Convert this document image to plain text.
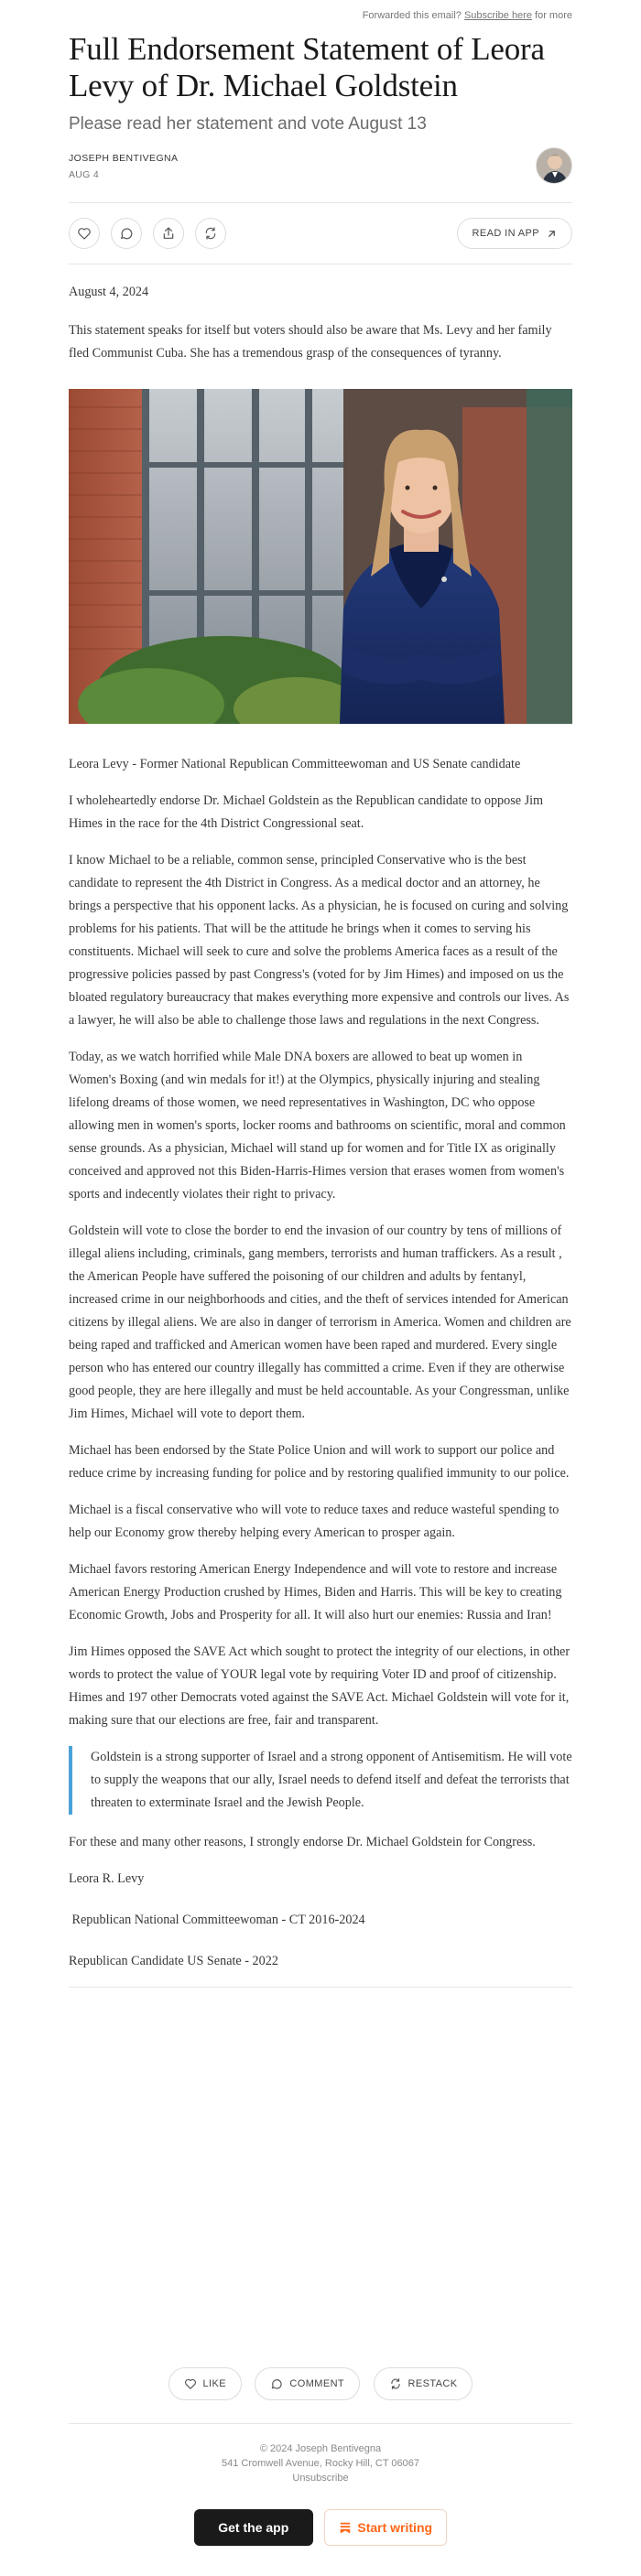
Forwarded this email? Subscribe here for more
Full Endorsement Statement of Leora Levy of Dr. Michael Goldstein
Please read her statement and vote August 13
JOSEPH BENTIVEGNA
AUG 4
READ IN APP

August 4, 2024

This statement speaks for itself but voters should also be aware that Ms. Levy and her family fled Communist Cuba. She has a tremendous grasp of the consequences of tyranny.

Leora Levy - Former National Republican Committeewoman and US Senate candidate

I wholeheartedly endorse Dr. Michael Goldstein as the Republican candidate to oppose Jim Himes in the race for the 4th District Congressional seat.

I know Michael to be a reliable, common sense, principled Conservative who is the best candidate to represent the 4th District in Congress. As a medical doctor and an attorney, he brings a perspective that his opponent lacks. As a physician, he is focused on curing and solving problems for his patients. That will be the attitude he brings when it comes to serving his constituents. Michael will seek to cure and solve the problems America faces as a result of the progressive policies passed by past Congress's (voted for by Jim Himes) and imposed on us the bloated regulatory bureaucracy that makes everything more expensive and controls our lives. As a lawyer, he will also be able to challenge those laws and regulations in the next Congress.

Today, as we watch horrified while Male DNA boxers are allowed to beat up women in Women's Boxing (and win medals for it!) at the Olympics, physically injuring and stealing lifelong dreams of those women, we need representatives in Washington, DC who oppose allowing men in women's sports, locker rooms and bathrooms on scientific, moral and common sense grounds. As a physician, Michael will stand up for women and for Title IX as originally conceived and approved not this Biden-Harris-Himes version that erases women from women's sports and indecently violates their right to privacy.

Goldstein will vote to close the border to end the invasion of our country by tens of millions of illegal aliens including, criminals, gang members, terrorists and human traffickers. As a result , the American People have suffered the poisoning of our children and adults by fentanyl, increased crime in our neighborhoods and cities, and the theft of services intended for American citizens by illegal aliens. We are also in danger of terrorism in America. Women and children are being raped and trafficked and American women have been raped and murdered. Every single person who has entered our country illegally has committed a crime. Even if they are otherwise good people, they are here illegally and must be held accountable. As your Congressman, unlike Jim Himes, Michael will vote to deport them.

Michael has been endorsed by the State Police Union and will work to support our police and reduce crime by increasing funding for police and by restoring qualified immunity to our police.

Michael is a fiscal conservative who will vote to reduce taxes and reduce wasteful spending to help our Economy grow thereby helping every American to prosper again.

Michael favors restoring American Energy Independence and will vote to restore and increase American Energy Production crushed by Himes, Biden and Harris. This will be key to creating Economic Growth, Jobs and Prosperity for all. It will also hurt our enemies: Russia and Iran!

Jim Himes opposed the SAVE Act which sought to protect the integrity of our elections, in other words to protect the value of YOUR legal vote by requiring Voter ID and proof of citizenship. Himes and 197 other Democrats voted against the SAVE Act. Michael Goldstein will vote for it, making sure that our elections are free, fair and transparent.

Goldstein is a strong supporter of Israel and a strong opponent of Antisemitism. He will vote to supply the weapons that our ally, Israel needs to defend itself and defeat the terrorists that threaten to exterminate Israel and the Jewish People.

For these and many other reasons, I strongly endorse Dr. Michael Goldstein for Congress.

Leora R. Levy

Republican National Committeewoman - CT 2016-2024

Republican Candidate US Senate - 2022

LIKE
	COMMENT
	RESTACK
© 2024 Joseph Bentivegna
541 Cromwell Avenue, Rocky Hill, CT 06067
Unsubscribe
Get the app	Start writing
